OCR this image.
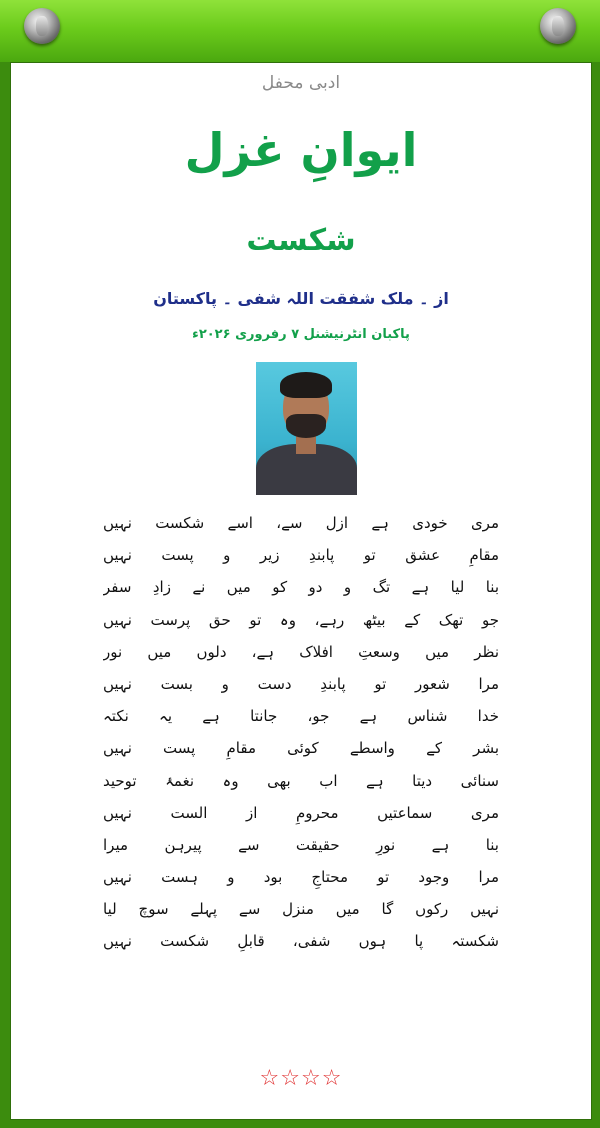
ادبی محفل
ایوانِ غزل
شکست
از ۔ ملک شفقت اللہ شفی ۔ پاکستان
پاکبان انٹرنیشنل ۷ رفروری ۲۰۲۶ء
مری خودی ہے ازل سے، اسے شکست نہیں
مقامِ عشق تو پابندِ زیر و پست نہیں
بنا لیا ہے تگ و دو کو میں نے زادِ سفر
جو تھک کے بیٹھ رہے، وہ تو حق پرست نہیں
نظر میں وسعتِ افلاک ہے، دلوں میں نور
مرا شعور تو پابندِ دست و بست نہیں
خدا شناس ہے جو، جانتا ہے یہ نکتہ
بشر کے واسطے کوئی مقامِ پست نہیں
سنائی دیتا ہے اب بھی وہ نغمۂ توحید
مری سماعتیں محرومِ از الست نہیں
بنا ہے نورِ حقیقت سے پیرہن میرا
مرا وجود تو محتاجِ بود و ہست نہیں
نہیں رکوں گا میں منزل سے پہلے سوچ لیا
شکستہ پا ہوں شفی، قابلِ شکست نہیں
☆☆☆☆
